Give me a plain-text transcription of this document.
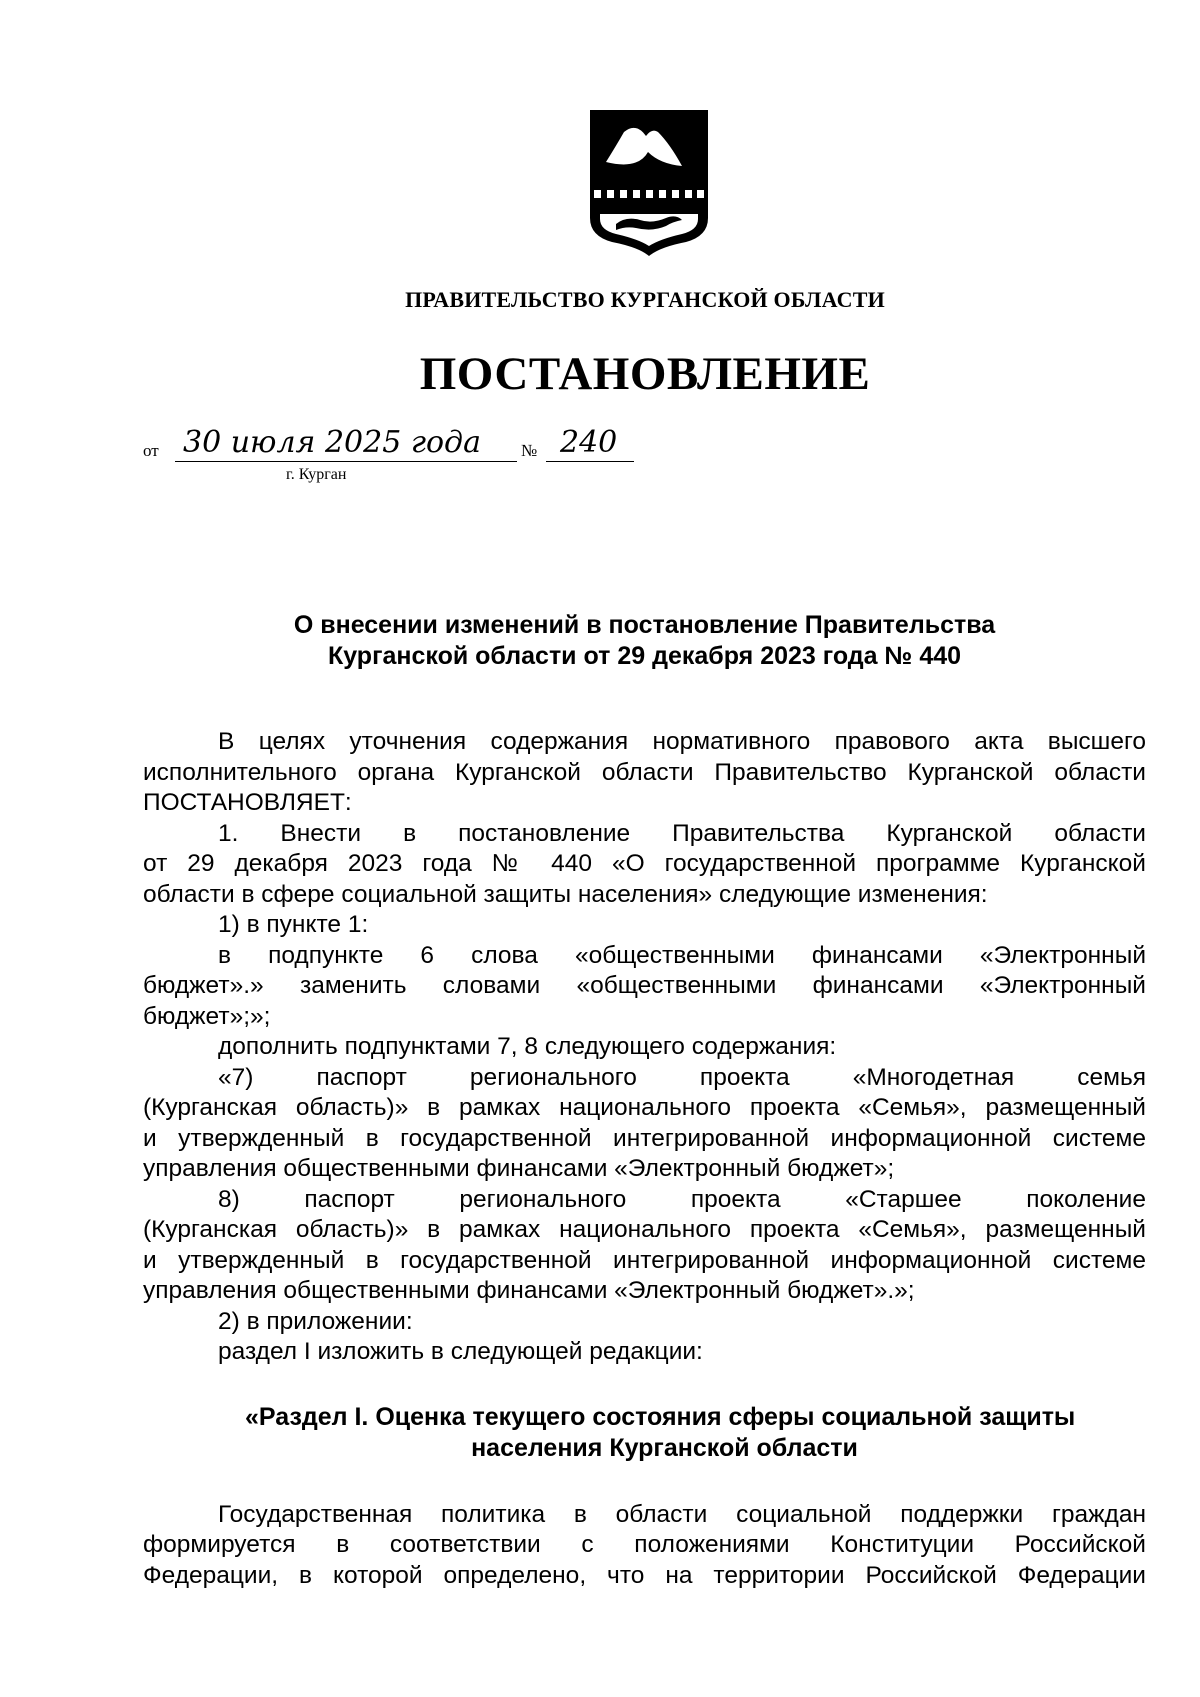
ПРАВИТЕЛЬСТВО КУРГАНСКОЙ ОБЛАСТИ
ПОСТАНОВЛЕНИЕ
от 30 июля 2025 года	№ 240
г. Курган
О внесении изменений в постановление Правительства
Курганской области от 29 декабря 2023 года № 440
В целях уточнения содержания нормативного правового акта высшего
исполнительного органа Курганской области Правительство Курганской области
ПОСТАНОВЛЯЕТ:
1. Внести в постановление Правительства Курганской области
от 29 декабря 2023 года № 440 «О государственной программе Курганской
области в сфере социальной защиты населения» следующие изменения:
1) в пункте 1:
в подпункте 6 слова «общественными финансами «Электронный
бюджет».» заменить словами «общественными финансами «Электронный
бюджет»;»;
дополнить подпунктами 7, 8 следующего содержания:
«7) паспорт регионального проекта «Многодетная семья
(Курганская область)» в рамках национального проекта «Семья», размещенный
и утвержденный в государственной интегрированной информационной системе
управления общественными финансами «Электронный бюджет»;
8) паспорт регионального проекта «Старшее поколение
(Курганская область)» в рамках национального проекта «Семья», размещенный
и утвержденный в государственной интегрированной информационной системе
управления общественными финансами «Электронный бюджет».»;
2) в приложении:
раздел I изложить в следующей редакции:
«Раздел I. Оценка текущего состояния сферы социальной защиты
населения Курганской области
Государственная политика в области социальной поддержки граждан
формируется в соответствии с положениями Конституции Российской
Федерации, в которой определено, что на территории Российской Федерации
